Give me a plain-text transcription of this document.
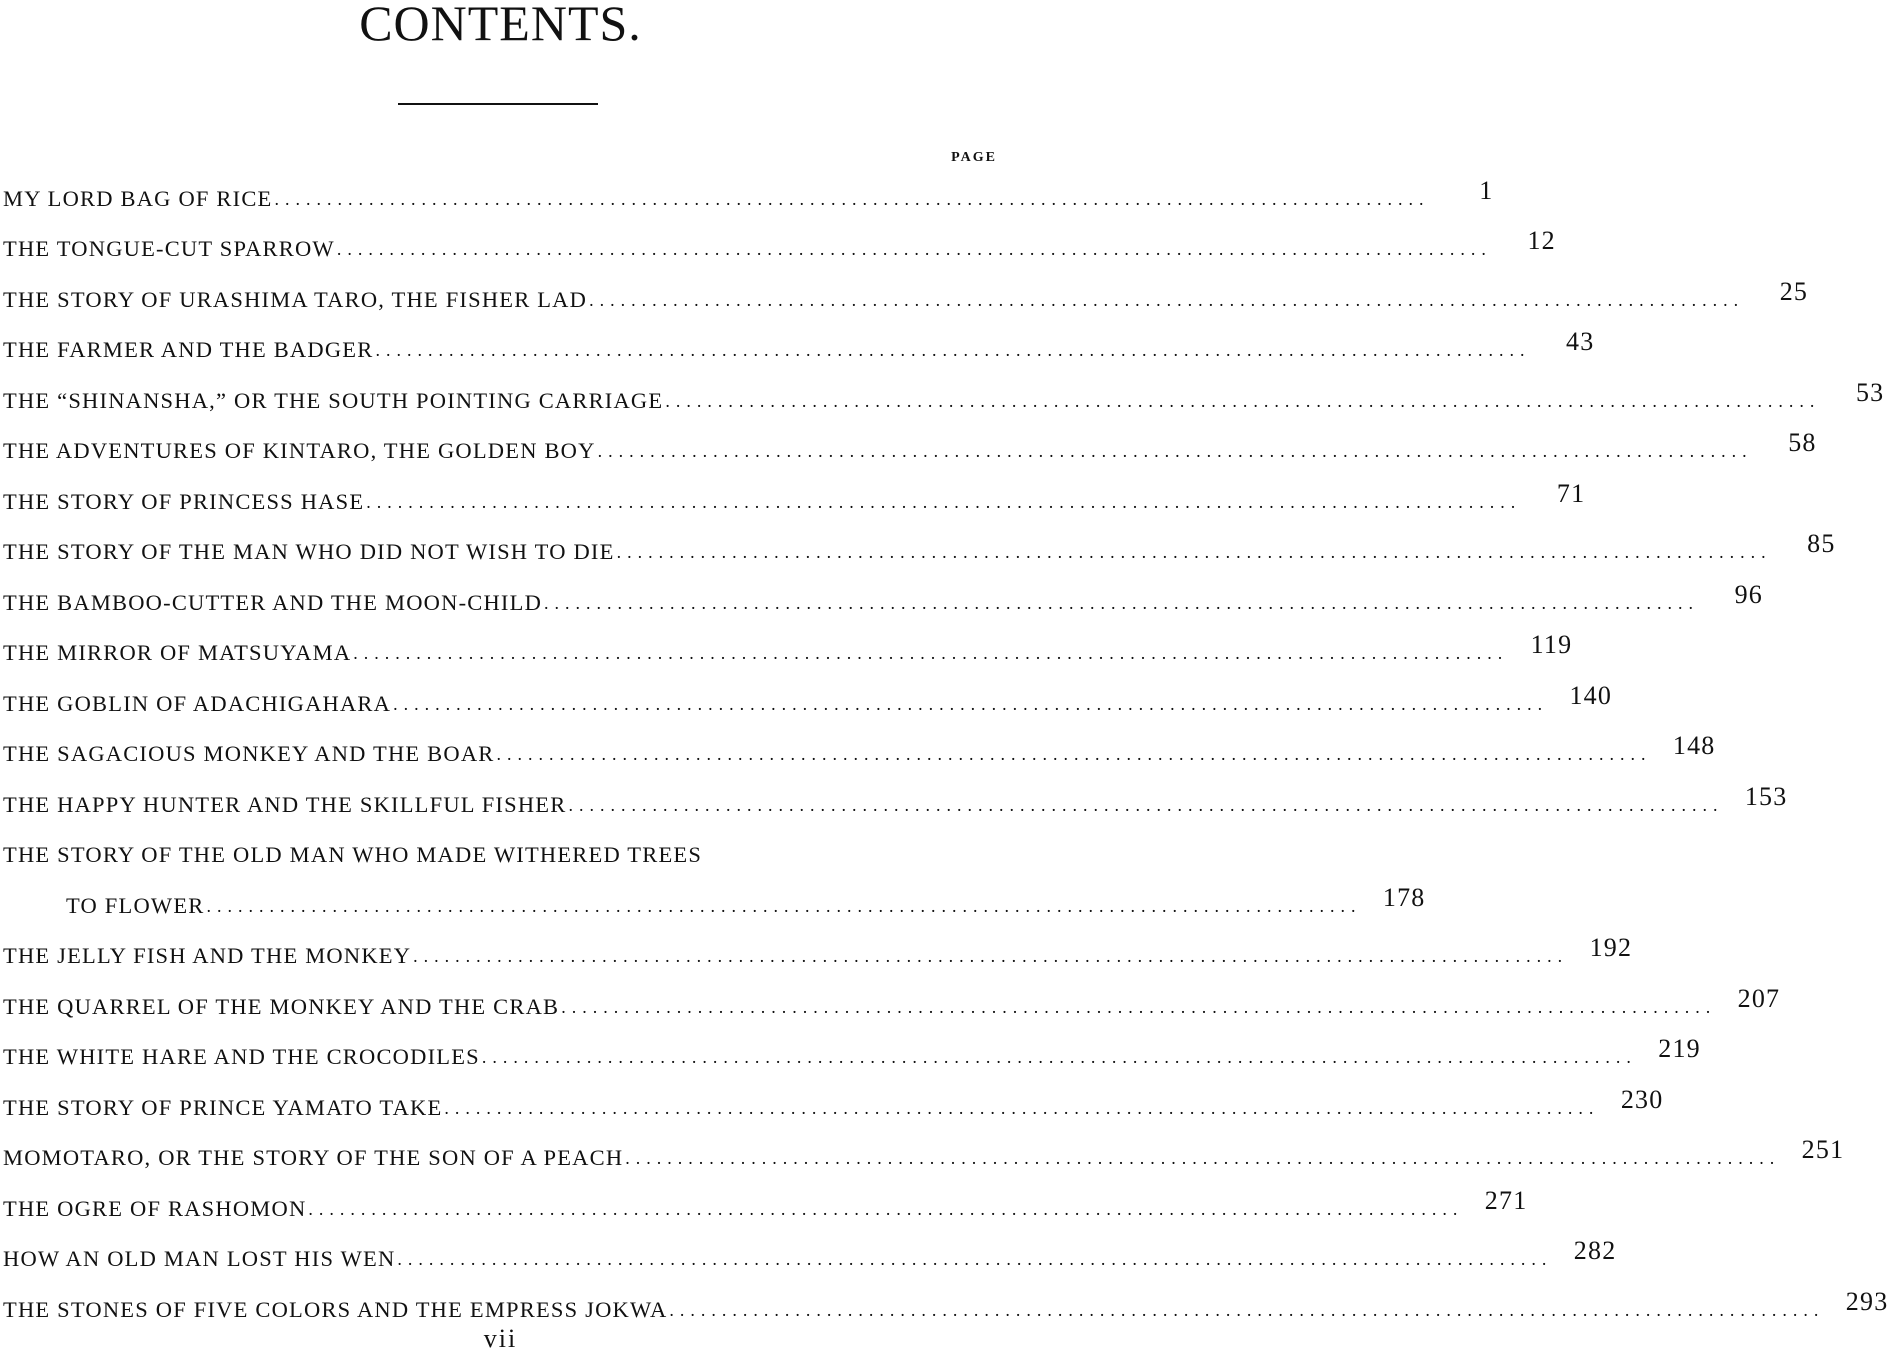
CONTENTS.
PAGE
MY LORD BAG OF RICE ..............................................................................................................	1
THE TONGUE-CUT SPARROW ..............................................................................................................	12
THE STORY OF URASHIMA TARO, THE FISHER LAD ..............................................................................................................	25
THE FARMER AND THE BADGER ..............................................................................................................	43
THE “SHINANSHA,” OR THE SOUTH POINTING CARRIAGE ..............................................................................................................	53
THE ADVENTURES OF KINTARO, THE GOLDEN BOY ..............................................................................................................	58
THE STORY OF PRINCESS HASE ..............................................................................................................	71
THE STORY OF THE MAN WHO DID NOT WISH TO DIE ..............................................................................................................	85
THE BAMBOO-CUTTER AND THE MOON-CHILD ..............................................................................................................	96
THE MIRROR OF MATSUYAMA .............................................................................................................. 119
THE GOBLIN OF ADACHIGAHARA .............................................................................................................. 140
THE SAGACIOUS MONKEY AND THE BOAR .............................................................................................................. 148
THE HAPPY HUNTER AND THE SKILLFUL FISHER .............................................................................................................. 153
THE STORY OF THE OLD MAN WHO MADE WITHERED TREES
TO FLOWER .............................................................................................................. 178
THE JELLY FISH AND THE MONKEY .............................................................................................................. 192
THE QUARREL OF THE MONKEY AND THE CRAB .............................................................................................................. 207
THE WHITE HARE AND THE CROCODILES .............................................................................................................. 219
THE STORY OF PRINCE YAMATO TAKE .............................................................................................................. 230
MOMOTARO, OR THE STORY OF THE SON OF A PEACH .............................................................................................................. 251
THE OGRE OF RASHOMON .............................................................................................................. 271
HOW AN OLD MAN LOST HIS WEN .............................................................................................................. 282
THE STONES OF FIVE COLORS AND THE EMPRESS JOKWA .............................................................................................................. 293
vii
